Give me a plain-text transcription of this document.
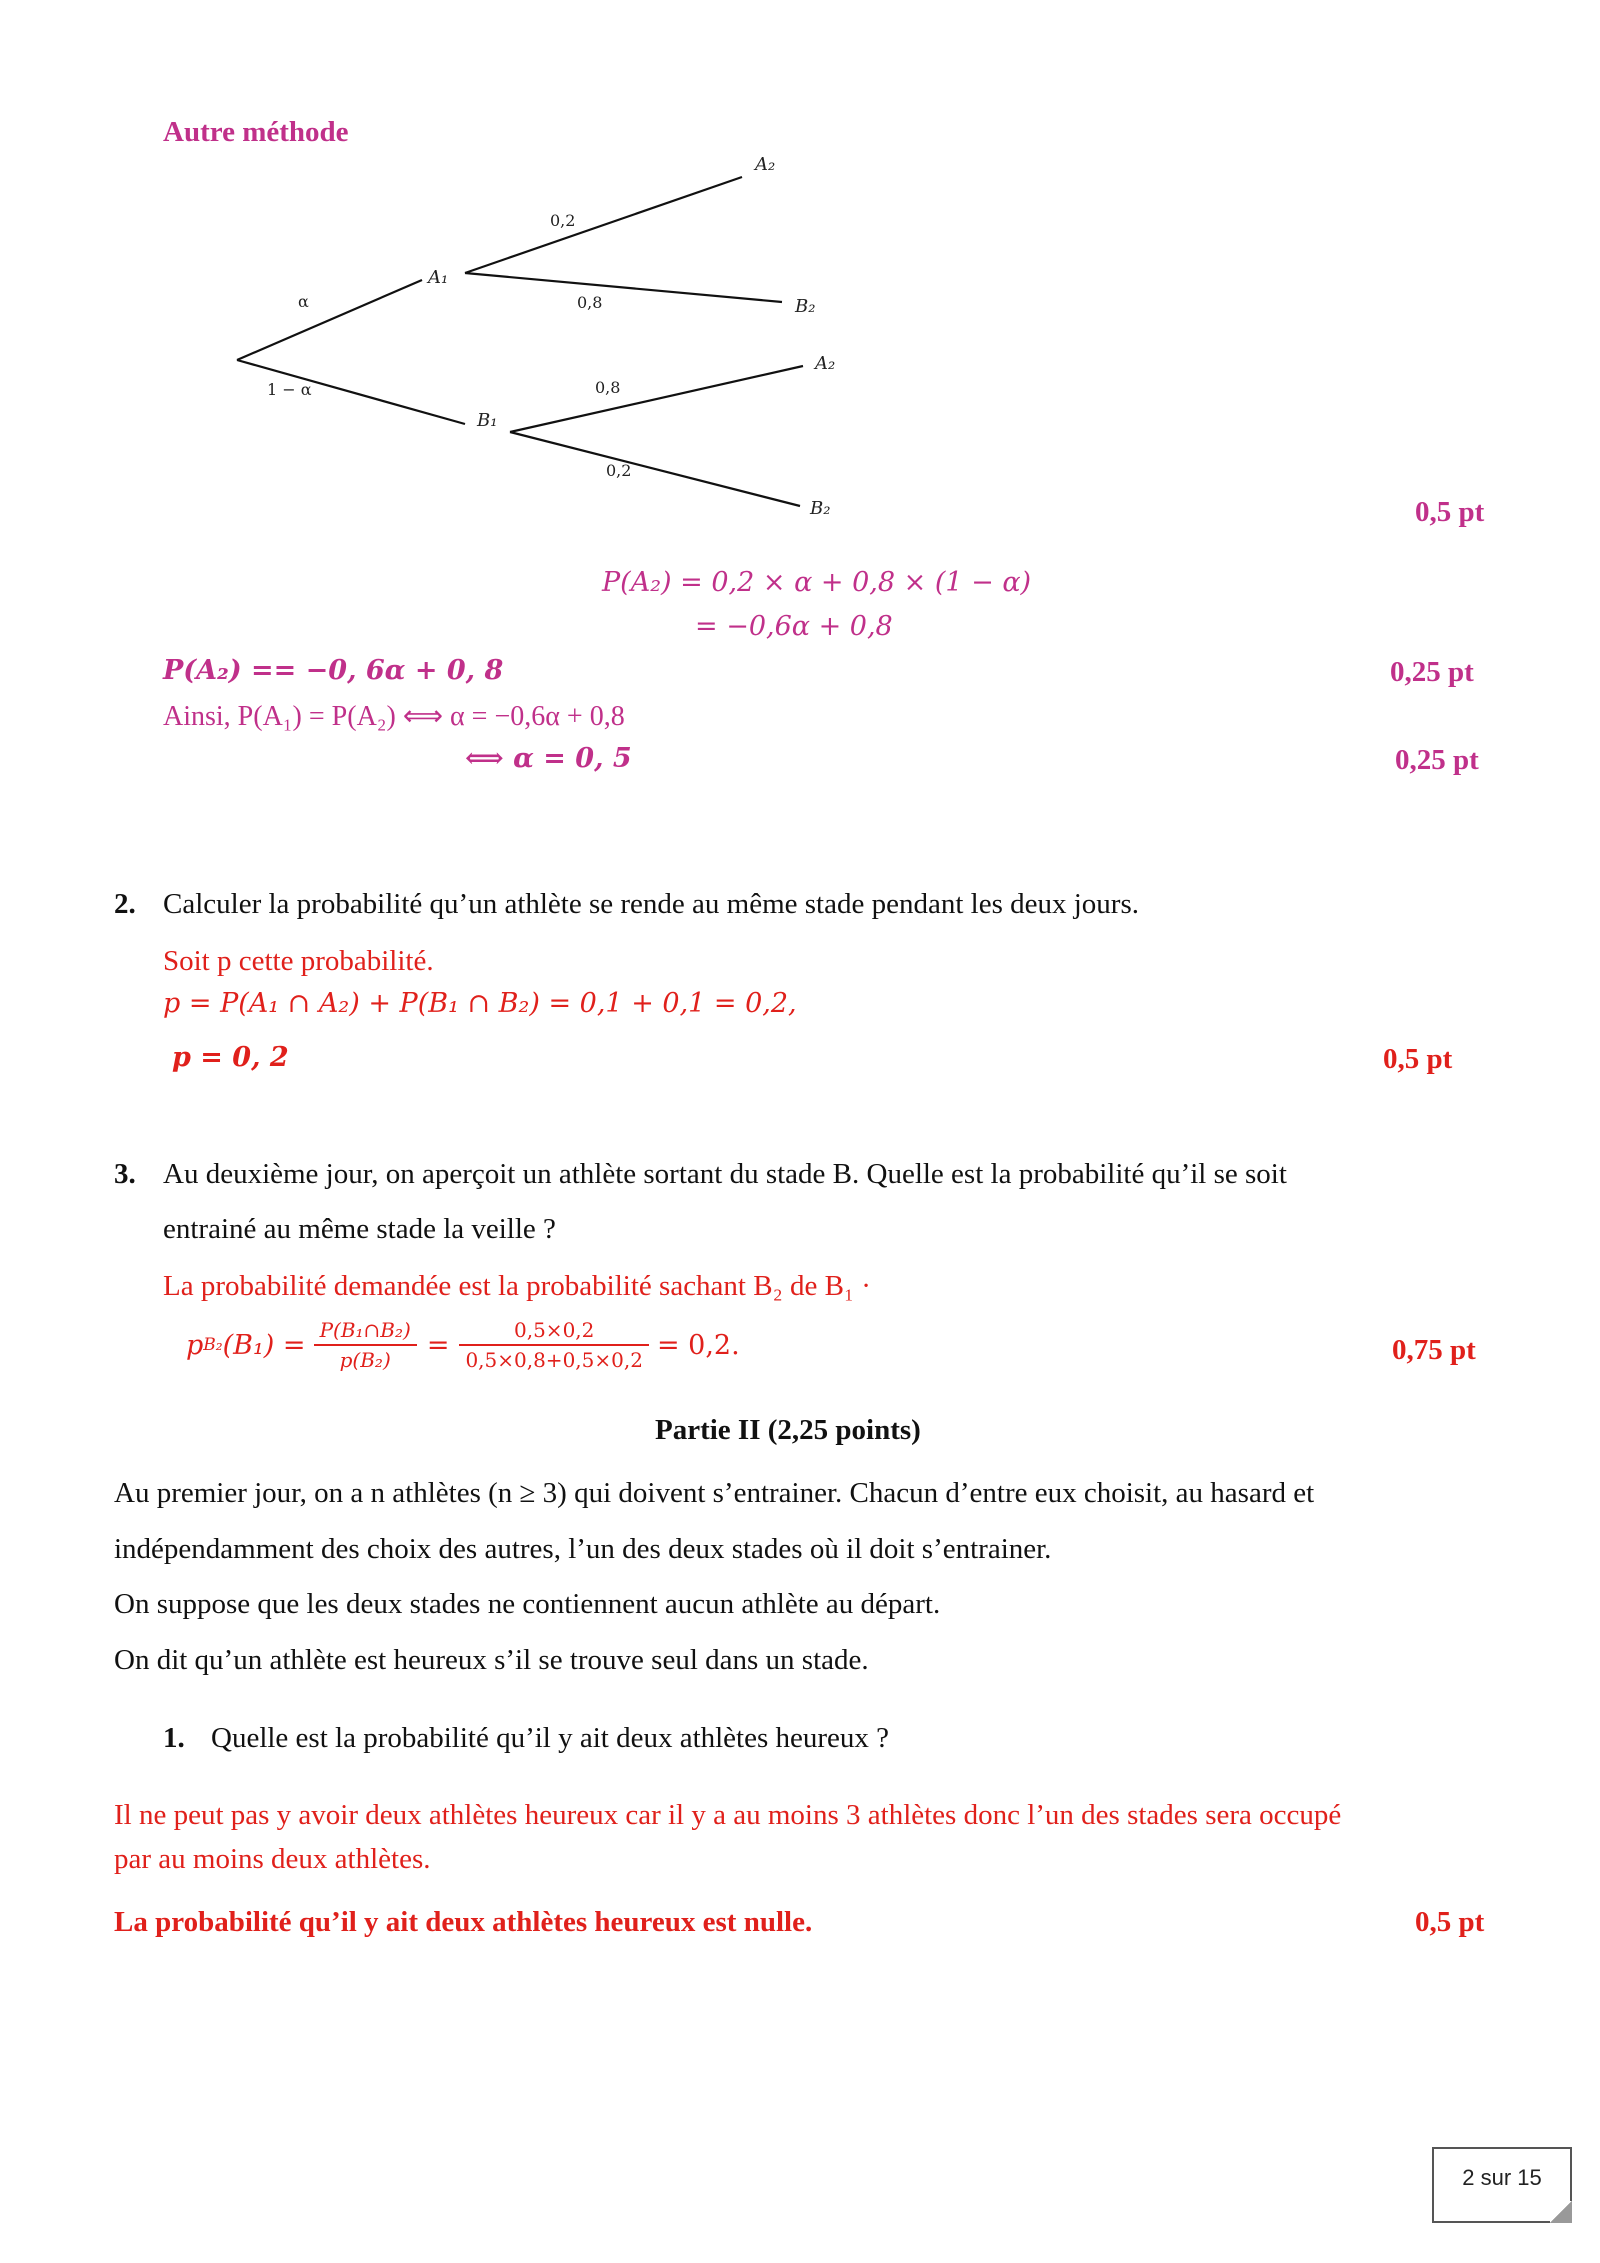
Autre méthode
α
1 − α
A₁
B₁
0,2
0,8
0,8
0,2
A₂
B₂
A₂
B₂	0,5 pt
P(A₂) = 0,2 × α + 0,8 × (1 − α)
= −0,6α + 0,8
P(A₂) == −0, 6α + 0, 8	0,25 pt
Ainsi, P(A₁) = P(A₂) ⟺ α = −0,6α + 0,8
⟺ α = 0, 5	0,25 pt
2. Calculer la probabilité qu’un athlète se rende au même stade pendant les deux jours.
Soit p cette probabilité.
p = P(A₁ ∩ A₂) + P(B₁ ∩ B₂) = 0,1 + 0,1 = 0,2,
p = 0, 2	0,5 pt
3. Au deuxième jour, on aperçoit un athlète sortant du stade B. Quelle est la probabilité qu’il se soit
entrainé au même stade la veille ?
La probabilité demandée est la probabilité sachant B₂ de B₁ ·
p B₂ $(B_1) = \frac{\text{P(B₁∩B₂)}}{\text{p(B₂)}} = \frac{0,5\times 0,2}{0,5\times 0,8+0,5\times 0,2} = 0,2$.	0,75 pt
Partie II (2,25 points)
Au premier jour, on a n athlètes (n ≥ 3) qui doivent s’entrainer. Chacun d’entre eux choisit, au hasard et
indépendamment des choix des autres, l’un des deux stades où il doit s’entrainer.
On suppose que les deux stades ne contiennent aucun athlète au départ.
On dit qu’un athlète est heureux s’il se trouve seul dans un stade.
1. Quelle est la probabilité qu’il y ait deux athlètes heureux ?
Il ne peut pas y avoir deux athlètes heureux car il y a au moins 3 athlètes donc l’un des stades sera occupé
par au moins deux athlètes.
La probabilité qu’il y ait deux athlètes heureux est nulle.	0,5 pt
2 sur 15
